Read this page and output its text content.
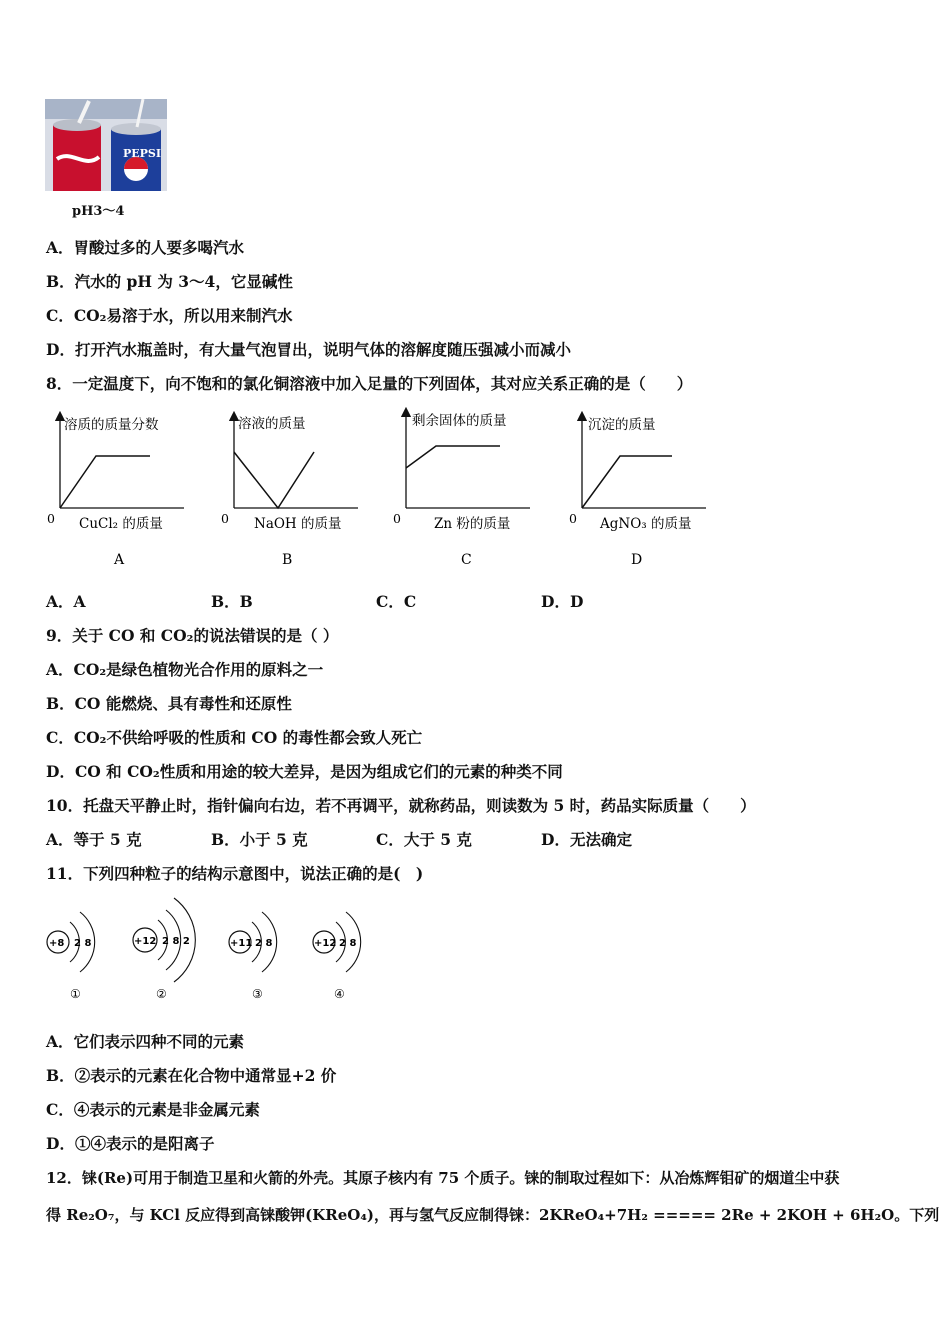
PEPSI
pH3～4
A．胃酸过多的人要多喝汽水
B．汽水的 pH 为 3～4，它显碱性
C．CO₂易溶于水，所以用来制汽水
D．打开汽水瓶盖时，有大量气泡冒出，说明气体的溶解度随压强减小而减小
8．一定温度下，向不饱和的氯化铜溶液中加入足量的下列固体，其对应关系正确的是（　　）
溶质的质量分数
0 CuCl₂ 的质量
A
溶液的质量
0 NaOH 的质量
B
剩余固体的质量
0 Zn 粉的质量
C
沉淀的质量
0 AgNO₃ 的质量
D
A．A	B．B	C．C	D．D
9．关于 CO 和 CO₂的说法错误的是（ ）
A．CO₂是绿色植物光合作用的原料之一
B．CO 能燃烧、具有毒性和还原性
C．CO₂不供给呼吸的性质和 CO 的毒性都会致人死亡
D．CO 和 CO₂性质和用途的较大差异，是因为组成它们的元素的种类不同
10．托盘天平静止时，指针偏向右边，若不再调平，就称药品，则读数为 5 时，药品实际质量（　　）
A．等于 5 克	B．小于 5 克	C．大于 5 克	D．无法确定
11．下列四种粒子的结构示意图中，说法正确的是(　)
+8 2 8
①
+12 2 8 2
②
+11 2 8
③
+12 2 8
④
A．它们表示四种不同的元素
B．②表示的元素在化合物中通常显+2 价
C．④表示的元素是非金属元素
D．①④表示的是阳离子
12．铼(Re)可用于制造卫星和火箭的外壳。其原子核内有 75 个质子。铼的制取过程如下：从冶炼辉钼矿的烟道尘中获
得 Re₂O₇，与 KCl 反应得到高铼酸钾(KReO₄)，再与氢气反应制得铼：2KReO₄+7H₂ ===== 2Re + 2KOH + 6H₂O。下列
